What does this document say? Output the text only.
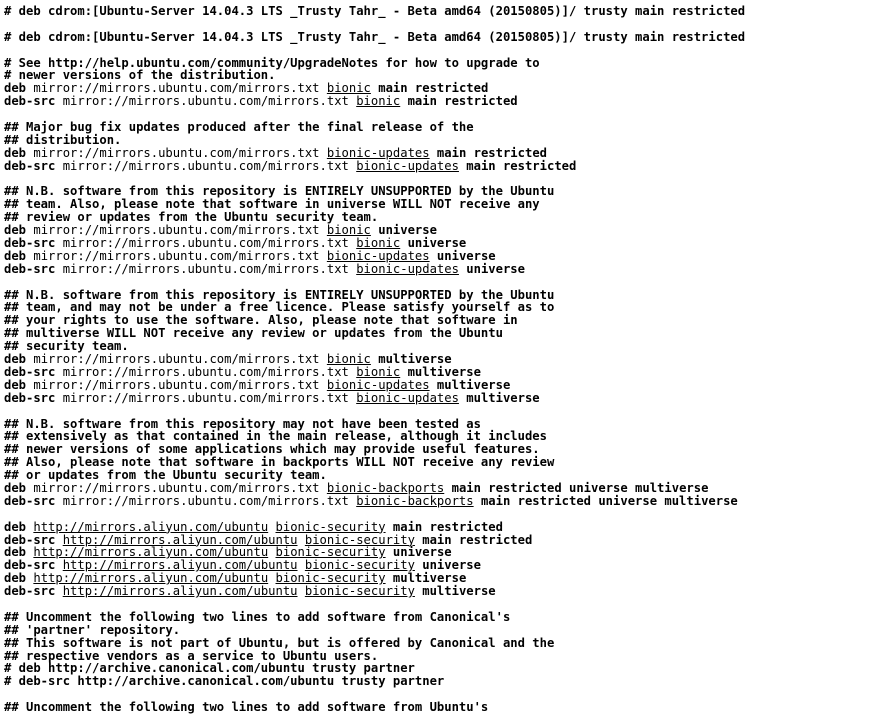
# deb cdrom:[Ubuntu-Server 14.04.3 LTS _Trusty Tahr_ - Beta amd64 (20150805)]/ trusty main restricted
# deb cdrom:[Ubuntu-Server 14.04.3 LTS _Trusty Tahr_ - Beta amd64 (20150805)]/ trusty main restricted
# See http://help.ubuntu.com/community/UpgradeNotes for how to upgrade to
# newer versions of the distribution.
deb mirror://mirrors.ubuntu.com/mirrors.txt bionic main restricted
deb-src mirror://mirrors.ubuntu.com/mirrors.txt bionic main restricted
## Major bug fix updates produced after the final release of the
## distribution.
deb mirror://mirrors.ubuntu.com/mirrors.txt bionic-updates main restricted
deb-src mirror://mirrors.ubuntu.com/mirrors.txt bionic-updates main restricted
## N.B. software from this repository is ENTIRELY UNSUPPORTED by the Ubuntu
## team. Also, please note that software in universe WILL NOT receive any
## review or updates from the Ubuntu security team.
deb mirror://mirrors.ubuntu.com/mirrors.txt bionic universe
deb-src mirror://mirrors.ubuntu.com/mirrors.txt bionic universe
deb mirror://mirrors.ubuntu.com/mirrors.txt bionic-updates universe
deb-src mirror://mirrors.ubuntu.com/mirrors.txt bionic-updates universe
## N.B. software from this repository is ENTIRELY UNSUPPORTED by the Ubuntu
## team, and may not be under a free licence. Please satisfy yourself as to
## your rights to use the software. Also, please note that software in
## multiverse WILL NOT receive any review or updates from the Ubuntu
## security team.
deb mirror://mirrors.ubuntu.com/mirrors.txt bionic multiverse
deb-src mirror://mirrors.ubuntu.com/mirrors.txt bionic multiverse
deb mirror://mirrors.ubuntu.com/mirrors.txt bionic-updates multiverse
deb-src mirror://mirrors.ubuntu.com/mirrors.txt bionic-updates multiverse
## N.B. software from this repository may not have been tested as
## extensively as that contained in the main release, although it includes
## newer versions of some applications which may provide useful features.
## Also, please note that software in backports WILL NOT receive any review
## or updates from the Ubuntu security team.
deb mirror://mirrors.ubuntu.com/mirrors.txt bionic-backports main restricted universe multiverse
deb-src mirror://mirrors.ubuntu.com/mirrors.txt bionic-backports main restricted universe multiverse
deb http://mirrors.aliyun.com/ubuntu bionic-security main restricted
deb-src http://mirrors.aliyun.com/ubuntu bionic-security main restricted
deb http://mirrors.aliyun.com/ubuntu bionic-security universe
deb-src http://mirrors.aliyun.com/ubuntu bionic-security universe
deb http://mirrors.aliyun.com/ubuntu bionic-security multiverse
deb-src http://mirrors.aliyun.com/ubuntu bionic-security multiverse
## Uncomment the following two lines to add software from Canonical's
## 'partner' repository.
## This software is not part of Ubuntu, but is offered by Canonical and the
## respective vendors as a service to Ubuntu users.
# deb http://archive.canonical.com/ubuntu trusty partner
# deb-src http://archive.canonical.com/ubuntu trusty partner
## Uncomment the following two lines to add software from Ubuntu's
